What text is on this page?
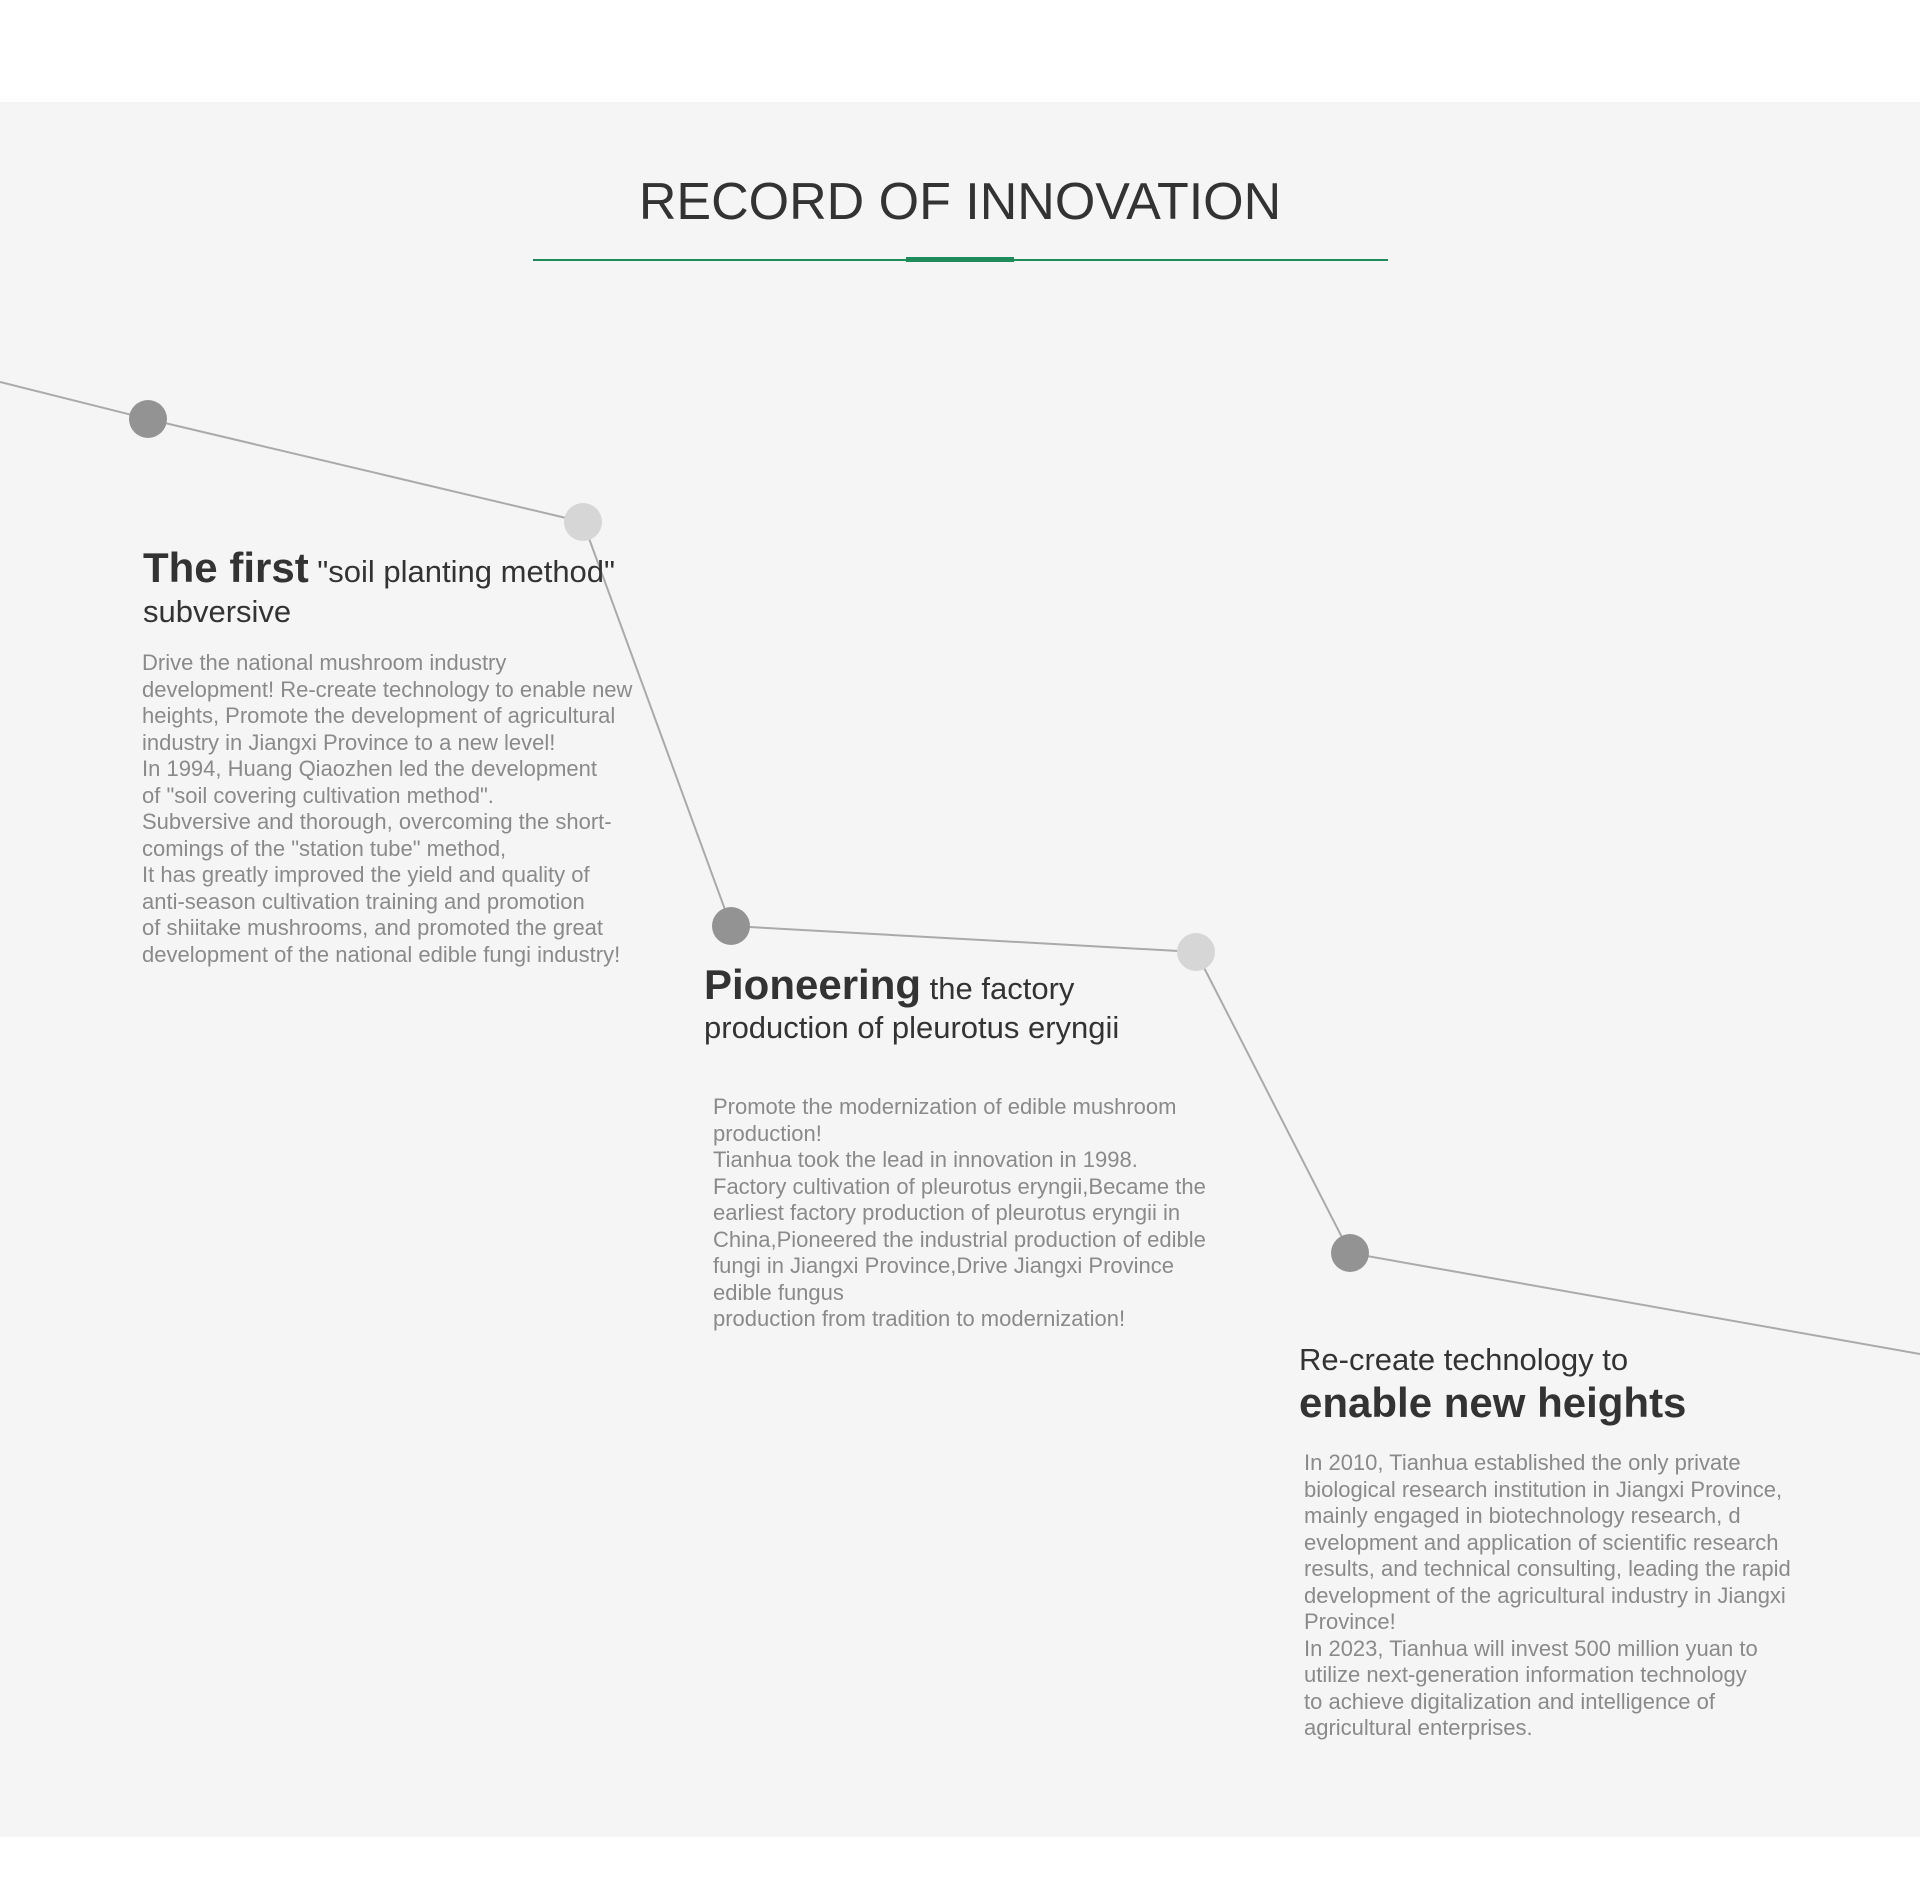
RECORD OF INNOVATION
The first "soil planting method"
subversive
Drive the national mushroom industry
development! Re-create technology to enable new
heights, Promote the development of agricultural
industry in Jiangxi Province to a new level!
In 1994, Huang Qiaozhen led the development
of "soil covering cultivation method".
Subversive and thorough, overcoming the short-
comings of the "station tube" method,
It has greatly improved the yield and quality of
anti-season cultivation training and promotion
of shiitake mushrooms, and promoted the great
development of the national edible fungi industry!
Pioneering the factory
production of pleurotus eryngii
Promote the modernization of edible mushroom
production!
Tianhua took the lead in innovation in 1998.
Factory cultivation of pleurotus eryngii,Became the
earliest factory production of pleurotus eryngii in
China,Pioneered the industrial production of edible
fungi in Jiangxi Province,Drive Jiangxi Province
edible fungus
production from tradition to modernization!
Re-create technology to
enable new heights
In 2010, Tianhua established the only private
biological research institution in Jiangxi Province,
mainly engaged in biotechnology research, d
evelopment and application of scientific research
results, and technical consulting, leading the rapid
development of the agricultural industry in Jiangxi
Province!
In 2023, Tianhua will invest 500 million yuan to
utilize next-generation information technology
to achieve digitalization and intelligence of
agricultural enterprises.
